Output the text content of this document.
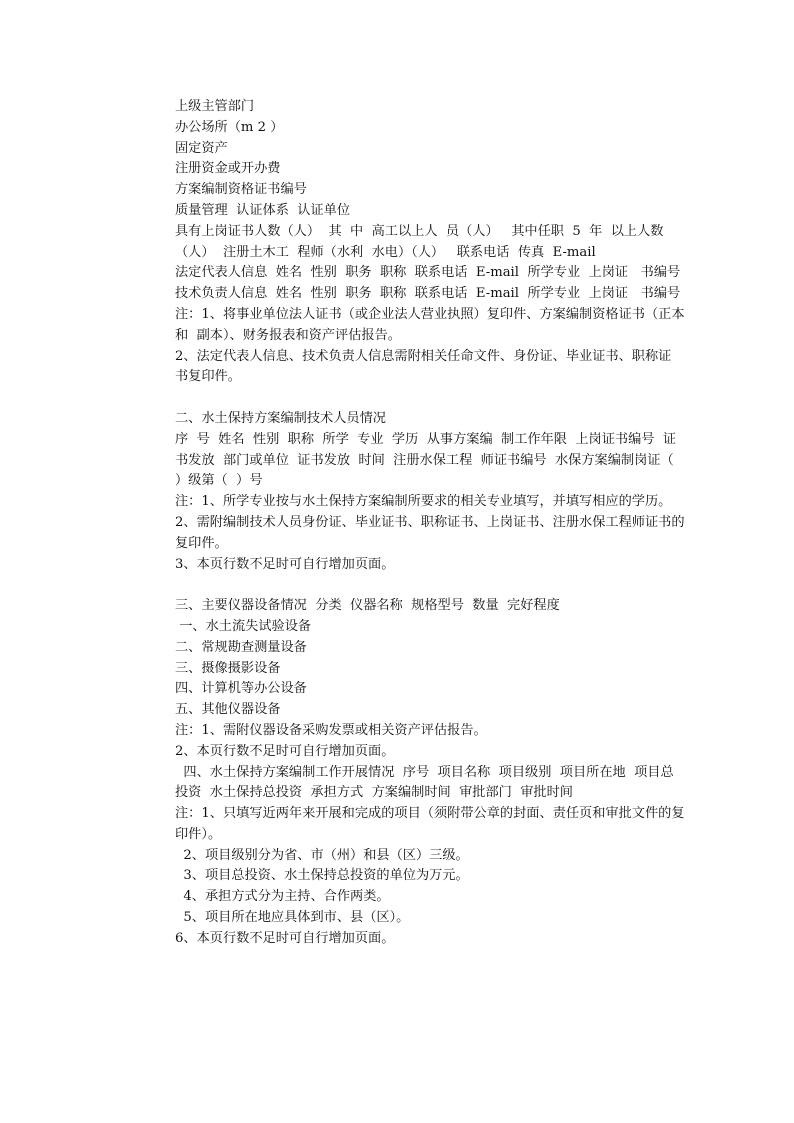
上级主管部门

办公场所（m 2 ）

固定资产

注册资金或开办费

方案编制资格证书编号

质量管理  认证体系  认证单位

具有上岗证书人数（人）  其  中  高工以上人  员（人）   其中任职  5  年  以上人数（人）  注册土木工  程师（水利  水电）（人）   联系电话  传真  E-mail

法定代表人信息  姓名  性别  职务  职称  联系电话  E-mail  所学专业  上岗证   书编号

技术负责人信息  姓名  性别  职务  职称  联系电话  E-mail  所学专业  上岗证   书编号

注：1、将事业单位法人证书（或企业法人营业执照）复印件、方案编制资格证书（正本和  副本）、财务报表和资产评估报告。

2、法定代表人信息、技术负责人信息需附相关任命文件、身份证、毕业证书、职称证  书复印件。

二、水土保持方案编制技术人员情况

序  号  姓名  性别  职称  所学  专业  学历  从事方案编  制工作年限  上岗证书编号  证书发放  部门或单位  证书发放  时间  注册水保工程  师证书编号  水保方案编制岗证（  ）级第（  ）号

注：1、所学专业按与水土保持方案编制所要求的相关专业填写，并填写相应的学历。

2、需附编制技术人员身份证、毕业证书、职称证书、上岗证书、注册水保工程师证书的复印件。

3、本页行数不足时可自行增加页面。

三、主要仪器设备情况  分类  仪器名称  规格型号  数量  完好程度

一、水土流失试验设备

二、常规勘查测量设备

三、摄像摄影设备

四、计算机等办公设备

五、其他仪器设备

注：1、需附仪器设备采购发票或相关资产评估报告。

2、本页行数不足时可自行增加页面。

四、水土保持方案编制工作开展情况  序号  项目名称  项目级别  项目所在地  项目总投资  水土保持总投资  承担方式  方案编制时间  审批部门  审批时间

注：1、只填写近两年来开展和完成的项目（须附带公章的封面、责任页和审批文件的复印件）。

2、项目级别分为省、市（州）和县（区）三级。

3、项目总投资、水土保持总投资的单位为万元。

4、承担方式分为主持、合作两类。

5、项目所在地应具体到市、县（区）。

6、本页行数不足时可自行增加页面。
